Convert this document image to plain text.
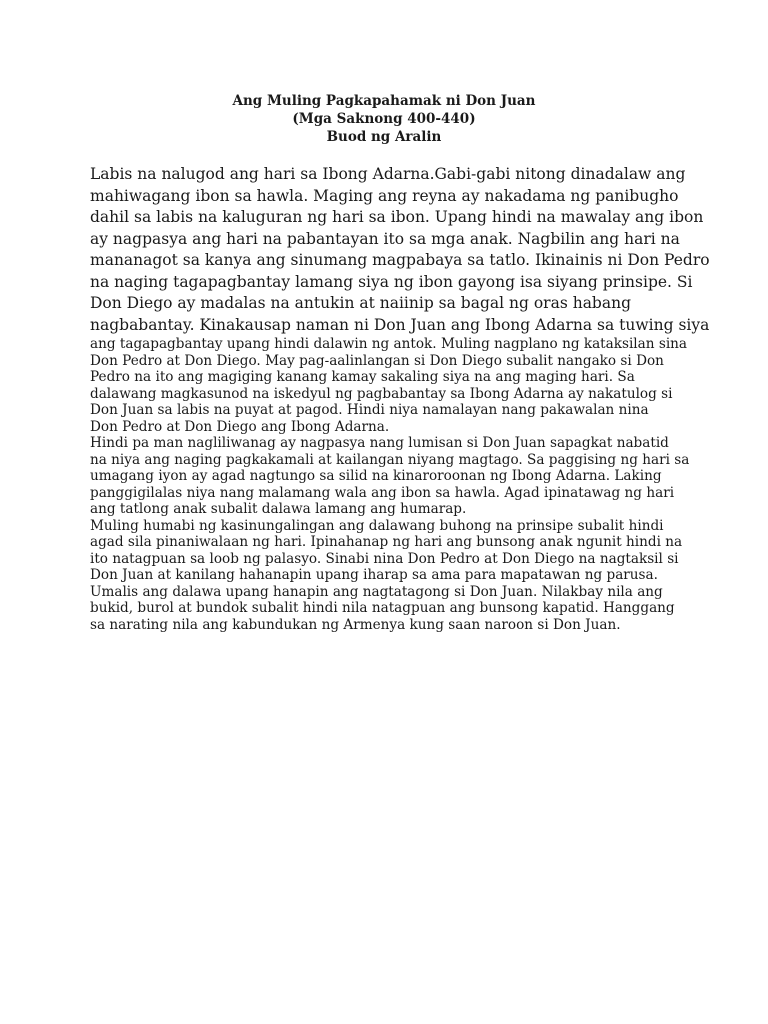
Ang Muling Pagkapahamak ni Don Juan
(Mga Saknong 400-440)
Buod ng Aralin
Labis na nalugod ang hari sa Ibong Adarna.Gabi-gabi nitong dinadalaw ang
mahiwagang ibon sa hawla. Maging ang reyna ay nakadama ng panibugho
dahil sa labis na kaluguran ng hari sa ibon. Upang hindi na mawalay ang ibon
ay nagpasya ang hari na pabantayan ito sa mga anak. Nagbilin ang hari na
mananagot sa kanya ang sinumang magpabaya sa tatlo. Ikinainis ni Don Pedro
na naging tagapagbantay lamang siya ng ibon gayong isa siyang prinsipe. Si
Don Diego ay madalas na antukin at naiinip sa bagal ng oras habang
nagbabantay. Kinakausap naman ni Don Juan ang Ibong Adarna sa tuwing siya
ang tagapagbantay upang hindi dalawin ng antok. Muling nagplano ng kataksilan sina
Don Pedro at Don Diego. May pag-aalinlangan si Don Diego subalit nangako si Don
Pedro na ito ang magiging kanang kamay sakaling siya na ang maging hari. Sa
dalawang magkasunod na iskedyul ng pagbabantay sa Ibong Adarna ay nakatulog si
Don Juan sa labis na puyat at pagod. Hindi niya namalayan nang pakawalan nina
Don Pedro at Don Diego ang Ibong Adarna.
Hindi pa man nagliliwanag ay nagpasya nang lumisan si Don Juan sapagkat nabatid
na niya ang naging pagkakamali at kailangan niyang magtago. Sa paggising ng hari sa
umagang iyon ay agad nagtungo sa silid na kinaroroonan ng Ibong Adarna. Laking
panggigilalas niya nang malamang wala ang ibon sa hawla. Agad ipinatawag ng hari
ang tatlong anak subalit dalawa lamang ang humarap.
Muling humabi ng kasinungalingan ang dalawang buhong na prinsipe subalit hindi
agad sila pinaniwalaan ng hari. Ipinahanap ng hari ang bunsong anak ngunit hindi na
ito natagpuan sa loob ng palasyo. Sinabi nina Don Pedro at Don Diego na nagtaksil si
Don Juan at kanilang hahanapin upang iharap sa ama para mapatawan ng parusa.
Umalis ang dalawa upang hanapin ang nagtatagong si Don Juan. Nilakbay nila ang
bukid, burol at bundok subalit hindi nila natagpuan ang bunsong kapatid. Hanggang
sa narating nila ang kabundukan ng Armenya kung saan naroon si Don Juan.
